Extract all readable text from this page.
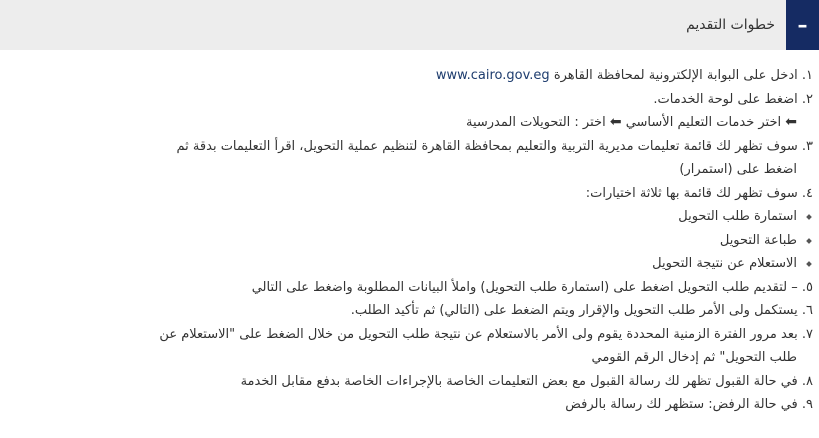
–
خطوات التقديم
١. ادخل على البوابة الإلكترونية لمحافظة القاهرة www.cairo.gov.eg
٢. اضغط على لوحة الخدمات.
⬅ اختر خدمات التعليم الأساسي ⬅ اختر : التحويلات المدرسية
٣. سوف تظهر لك قائمة تعليمات مديرية التربية والتعليم بمحافظة القاهرة لتنظيم عملية التحويل، اقرأ التعليمات بدقة ثم
اضغط على (استمرار)
٤. سوف تظهر لك قائمة بها ثلاثة اختيارات:
استمارة طلب التحويل
طباعة التحويل
الاستعلام عن نتيجة التحويل
٥. – لتقديم طلب التحويل اضغط على (استمارة طلب التحويل) واملأ البيانات المطلوبة واضغط على التالي
٦. يستكمل ولى الأمر طلب التحويل والإقرار ويتم الضغط على (التالي) ثم تأكيد الطلب.
٧. بعد مرور الفترة الزمنية المحددة يقوم ولى الأمر بالاستعلام عن نتيجة طلب التحويل من خلال الضغط على "الاستعلام عن
طلب التحويل" ثم إدخال الرقم القومي
٨. في حالة القبول تظهر لك رسالة القبول مع بعض التعليمات الخاصة بالإجراءات الخاصة بدفع مقابل الخدمة
٩. في حالة الرفض: ستظهر لك رسالة بالرفض
